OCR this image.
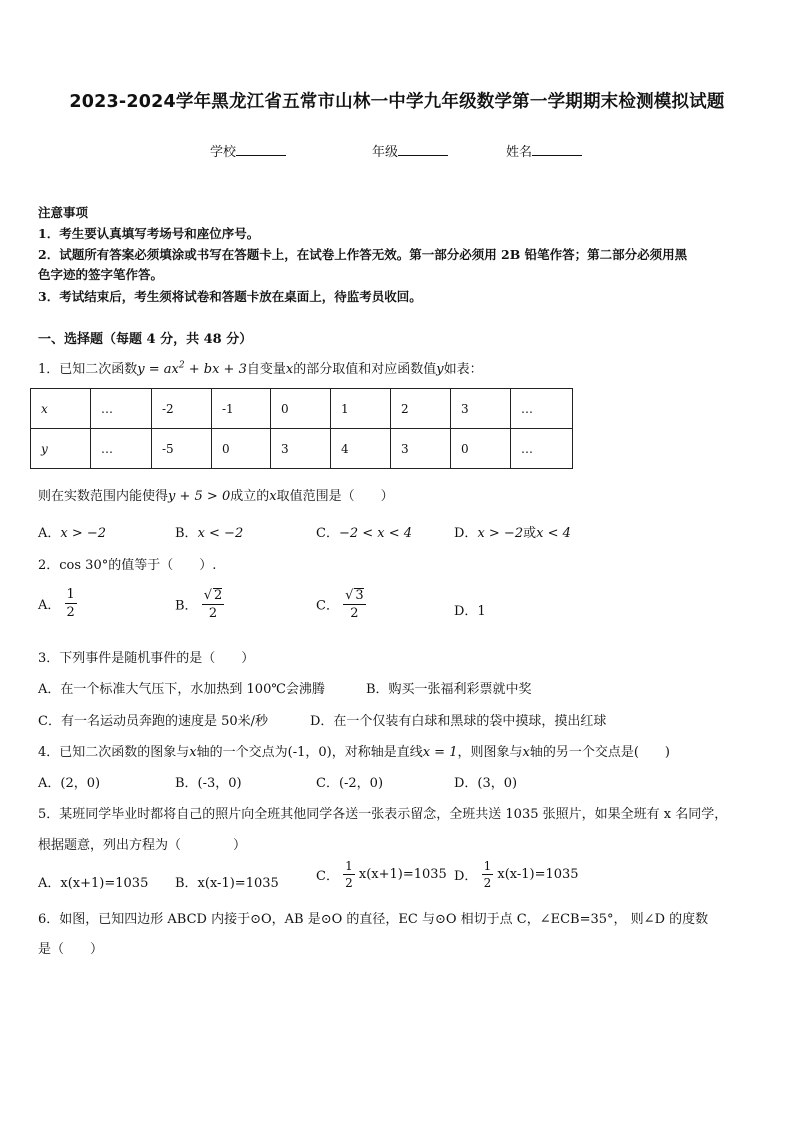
2023-2024学年黑龙江省五常市山林一中学九年级数学第一学期期末检测模拟试题
学校	年级	姓名
注意事项
1．考生要认真填写考场号和座位序号。
2．试题所有答案必须填涂或书写在答题卡上，在试卷上作答无效。第一部分必须用 2B 铅笔作答；第二部分必须用黑
色字迹的签字笔作答。
3．考试结束后，考生须将试卷和答题卡放在桌面上，待监考员收回。
一、选择题（每题 4 分，共 48 分）
1．已知二次函数$y = ax^2$ + bx + 3自变量x的部分取值和对应函数值y如表：
x	…	-2	-1	0	1	2	3	…
y	…	-5	0	3	4	3	0	…
则在实数范围内能使得y + 5 > 0成立的x取值范围是（　　）
A．x > −2	B．x < −2	C．−2 < x < 4	D．x > −2或x < 4
2．cos 30°的值等于（　　）.
A． $\frac{1}{2}$	B． $\frac{√ 2}{2}$	C． $\frac{√ 3}{2}$	D．1
3．下列事件是随机事件的是（　　）
A．在一个标准大气压下，水加热到 100℃会沸腾	B．购买一张福利彩票就中奖
C．有一名运动员奔跑的速度是 50米/秒	D．在一个仅装有白球和黑球的袋中摸球，摸出红球
4．已知二次函数的图象与x轴的一个交点为(-1，0)，对称轴是直线x = 1，则图象与x轴的另一个交点是(　　)
A．(2，0)	B．(-3，0)	C．(-2，0)	D．(3，0)
5．某班同学毕业时都将自己的照片向全班其他同学各送一张表示留念，全班共送 1035 张照片，如果全班有 x 名同学，
根据题意，列出方程为（　　　　）
A．x(x+1)=1035 B．x(x-1)=1035	C． $\frac{1}{2} x(x+1)=1035$ D． $\frac{1}{2} x(x-1)=1035$
6．如图，已知四边形 ABCD 内接于⊙O，AB 是⊙O 的直径，EC 与⊙O 相切于点 C，∠ECB=35°， 则∠D 的度数
是（　　）
